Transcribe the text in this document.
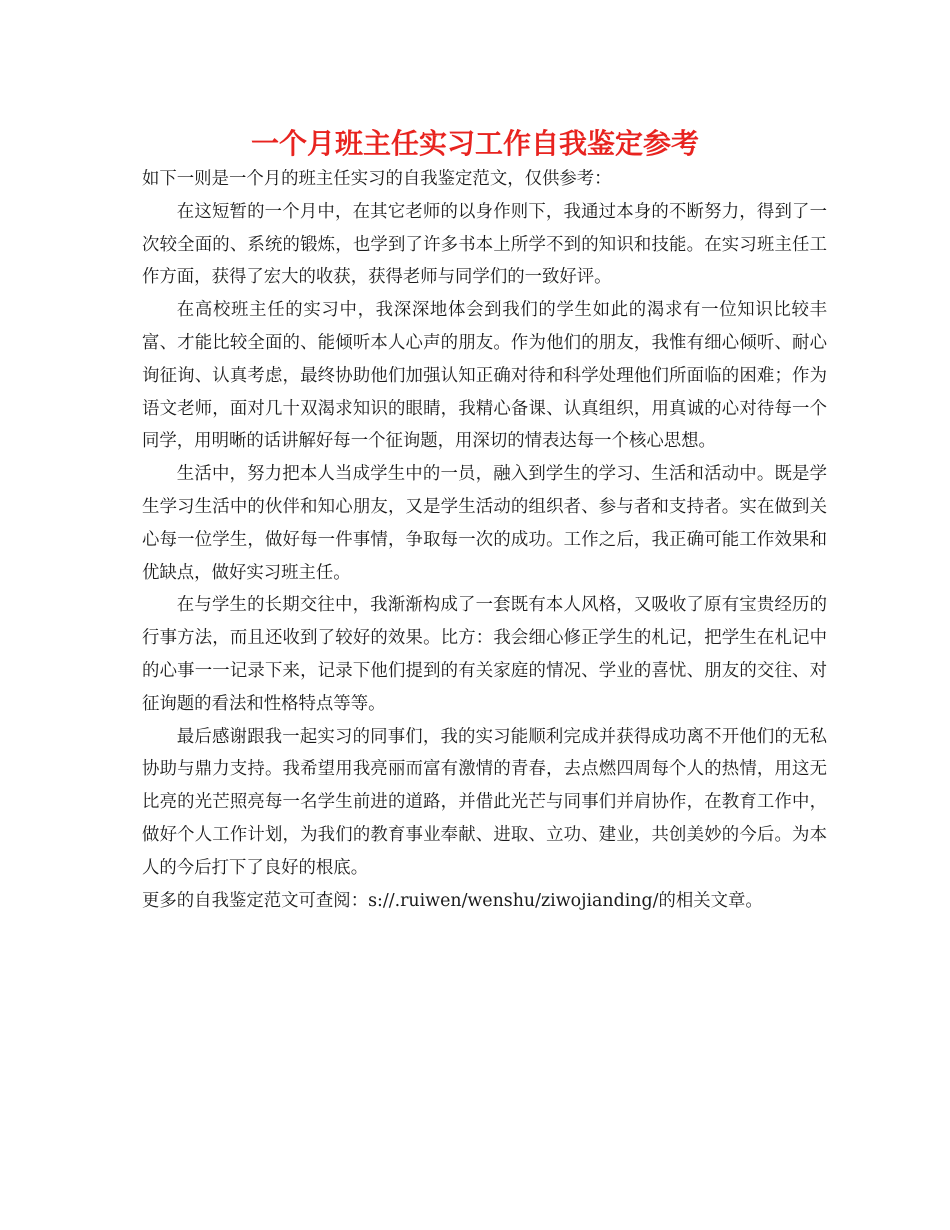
一个月班主任实习工作自我鉴定参考

如下一则是一个月的班主任实习的自我鉴定范文，仅供参考：

在这短暂的一个月中，在其它老师的以身作则下，我通过本身的不断努力，得到了一次较全面的、系统的锻炼，也学到了许多书本上所学不到的知识和技能。在实习班主任工作方面，获得了宏大的收获，获得老师与同学们的一致好评。

在高校班主任的实习中，我深深地体会到我们的学生如此的渴求有一位知识比较丰富、才能比较全面的、能倾听本人心声的朋友。作为他们的朋友，我惟有细心倾听、耐心询征询、认真考虑，最终协助他们加强认知正确对待和科学处理他们所面临的困难；作为语文老师，面对几十双渴求知识的眼睛，我精心备课、认真组织，用真诚的心对待每一个同学，用明晰的话讲解好每一个征询题，用深切的情表达每一个核心思想。

生活中，努力把本人当成学生中的一员，融入到学生的学习、生活和活动中。既是学生学习生活中的伙伴和知心朋友，又是学生活动的组织者、参与者和支持者。实在做到关心每一位学生，做好每一件事情，争取每一次的成功。工作之后，我正确可能工作效果和优缺点，做好实习班主任。

在与学生的长期交往中，我渐渐构成了一套既有本人风格，又吸收了原有宝贵经历的行事方法，而且还收到了较好的效果。比方：我会细心修正学生的札记，把学生在札记中的心事一一记录下来，记录下他们提到的有关家庭的情况、学业的喜忧、朋友的交往、对征询题的看法和性格特点等等。

最后感谢跟我一起实习的同事们，我的实习能顺利完成并获得成功离不开他们的无私协助与鼎力支持。我希望用我亮丽而富有激情的青春，去点燃四周每个人的热情，用这无比亮的光芒照亮每一名学生前进的道路，并借此光芒与同事们并肩协作，在教育工作中，做好个人工作计划，为我们的教育事业奉献、进取、立功、建业，共创美妙的今后。为本人的今后打下了良好的根底。

更多的自我鉴定范文可查阅：s://.ruiwen/wenshu/ziwojianding/的相关文章。
